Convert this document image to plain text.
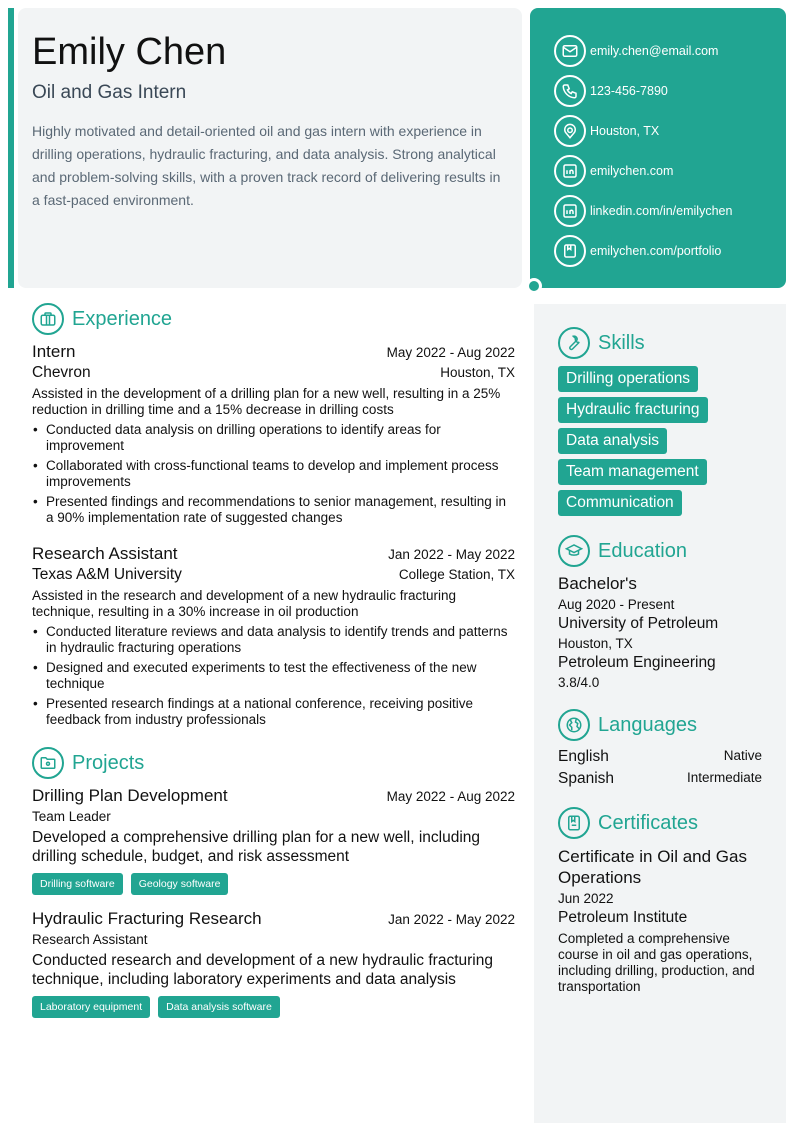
Emily Chen
Oil and Gas Intern

Highly motivated and detail-oriented oil and gas intern with experience in drilling operations, hydraulic fracturing, and data analysis. Strong analytical and problem-solving skills, with a proven track record of delivering results in a fast-paced environment.

emily.chen@email.com
123-456-7890
Houston, TX
emilychen.com
linkedin.com/in/emilychen
emilychen.com/portfolio
Experience
Intern	May 2022 - Aug 2022
Chevron	Houston, TX

Assisted in the development of a drilling plan for a new well, resulting in a 25% reduction in drilling time and a 15% decrease in drilling costs

• Conducted data analysis on drilling operations to identify areas for improvement
• Collaborated with cross-functional teams to develop and implement process improvements
• Presented findings and recommendations to senior management, resulting in a 90% implementation rate of suggested changes
Research Assistant	Jan 2022 - May 2022
Texas A&M University	College Station, TX

Assisted in the research and development of a new hydraulic fracturing technique, resulting in a 30% increase in oil production

• Conducted literature reviews and data analysis to identify trends and patterns in hydraulic fracturing operations
• Designed and executed experiments to test the effectiveness of the new technique
• Presented research findings at a national conference, receiving positive feedback from industry professionals
Projects
Drilling Plan Development	May 2022 - Aug 2022
Team Leader

Developed a comprehensive drilling plan for a new well, including drilling schedule, budget, and risk assessment

Drilling software	Geology software
Hydraulic Fracturing Research	Jan 2022 - May 2022
Research Assistant

Conducted research and development of a new hydraulic fracturing technique, including laboratory experiments and data analysis

Laboratory equipment	Data analysis software
Skills
Drilling operations
Hydraulic fracturing
Data analysis
Team management
Communication
Education
Bachelor's
Aug 2020 - Present
University of Petroleum
Houston, TX
Petroleum Engineering
3.8/4.0
Languages
English	Native
Spanish	Intermediate
Certificates
Certificate in Oil and Gas Operations
Jun 2022
Petroleum Institute

Completed a comprehensive course in oil and gas operations, including drilling, production, and transportation
